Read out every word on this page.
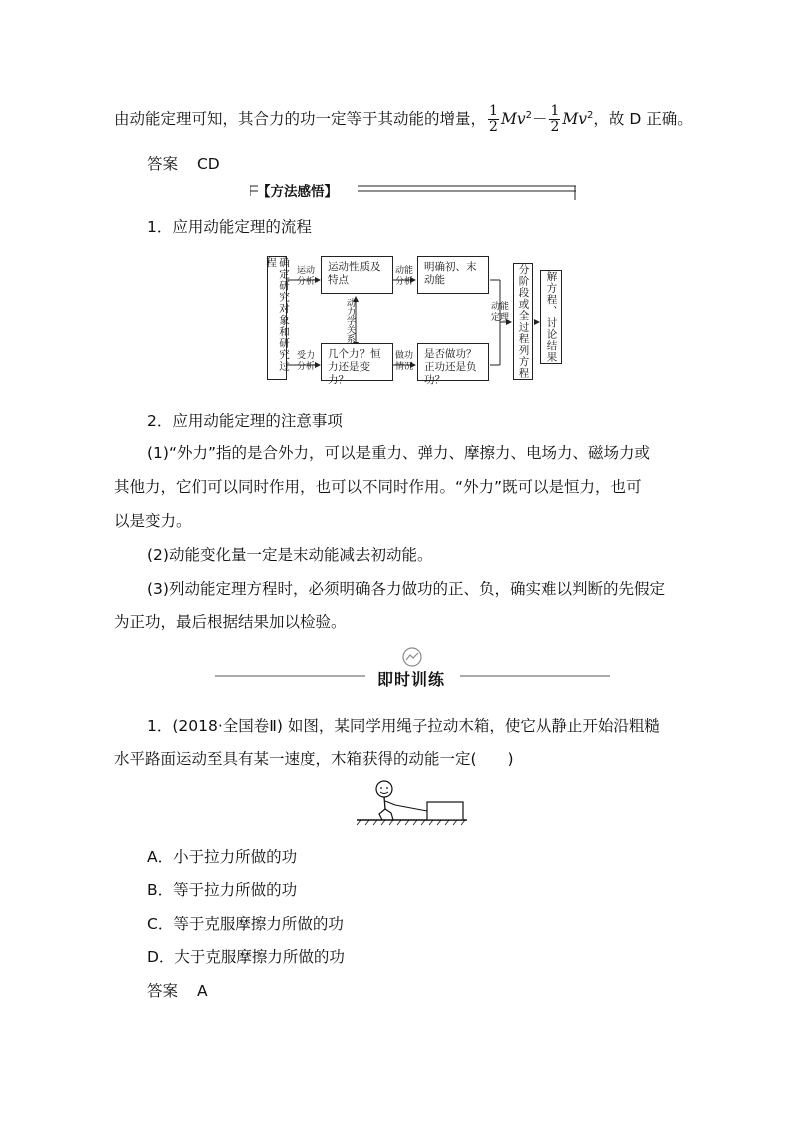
由动能定理可知，其合力的功一定等于其动能的增量， $\frac{1}{2} Mv^2- \frac{1}{2} Mv^2$，故 D 正确。
答案 CD
【方法感悟】
1．应用动能定理的流程
确定研究对象和研究过程
运动分析
运动性质及特点
动能分析
明确初、末动能
动力学关系
受力分析
几个力？恒力还是变力？
做功情况
是否做功？正功还是负功？
动能定理 分阶段或全过程列方程	解方程、讨论结果
2．应用动能定理的注意事项
(1)“外力”指的是合外力，可以是重力、弹力、摩擦力、电场力、磁场力或
其他力，它们可以同时作用，也可以不同时作用。“外力”既可以是恒力，也可
以是变力。
(2)动能变化量一定是末动能减去初动能。
(3)列动能定理方程时，必须明确各力做功的正、负，确实难以判断的先假定
为正功，最后根据结果加以检验。
即时训练
1．(2018·全国卷Ⅱ) 如图，某同学用绳子拉动木箱，使它从静止开始沿粗糙
水平路面运动至具有某一速度，木箱获得的动能一定(　　)
A．小于拉力所做的功
B．等于拉力所做的功
C．等于克服摩擦力所做的功
D．大于克服摩擦力所做的功
答案 A
